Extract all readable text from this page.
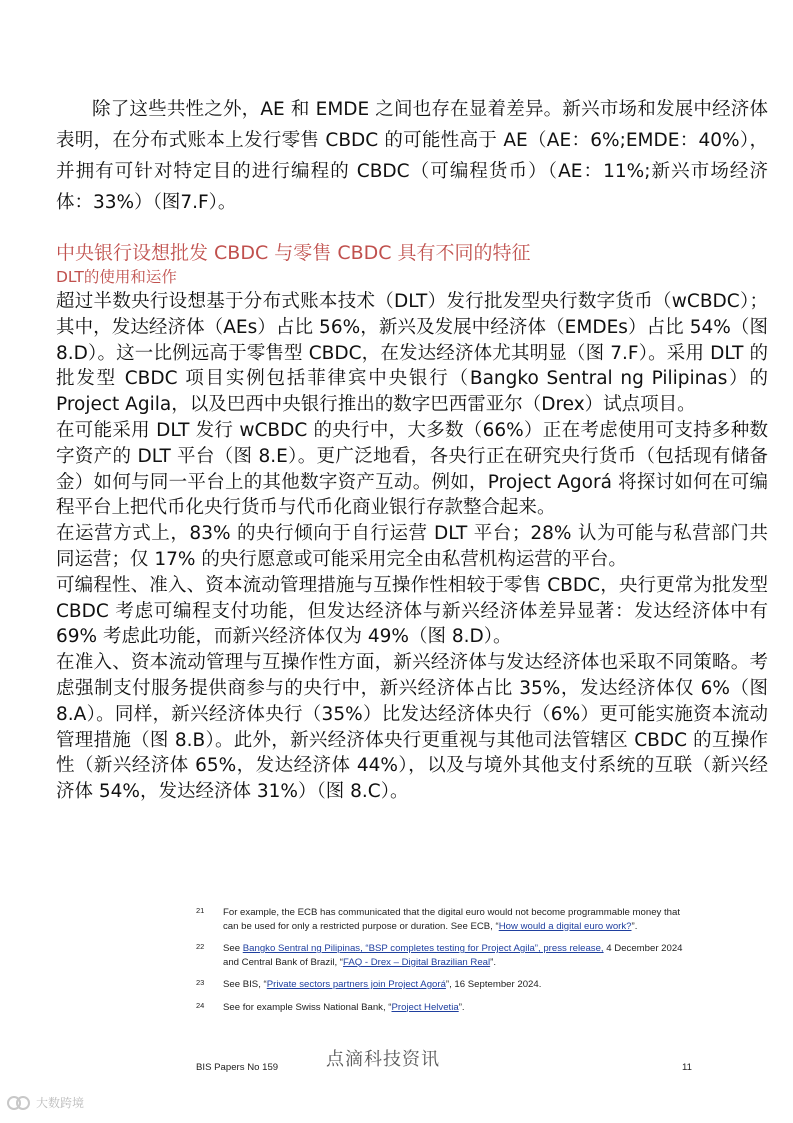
除了这些共性之外，AE 和 EMDE 之间也存在显着差异。新兴市场和发展中经济体表明，在分布式账本上发行零售 CBDC 的可能性高于 AE（AE：6%;EMDE：40%），并拥有可针对特定目的进行编程的 CBDC（可编程货币）（AE：11%;新兴市场经济体：33%）（图7.F）。
中央银行设想批发 CBDC 与零售 CBDC 具有不同的特征
DLT的使用和运作

超过半数央行设想基于分布式账本技术（DLT）发行批发型央行数字货币（wCBDC）；其中，发达经济体（AEs）占比 56%，新兴及发展中经济体（EMDEs）占比 54%（图 8.D）。这一比例远高于零售型 CBDC，在发达经济体尤其明显（图 7.F）。采用 DLT 的批发型 CBDC 项目实例包括菲律宾中央银行（Bangko Sentral ng Pilipinas）的 Project Agila，以及巴西中央银行推出的数字巴西雷亚尔（Drex）试点项目。

在可能采用 DLT 发行 wCBDC 的央行中，大多数（66%）正在考虑使用可支持多种数字资产的 DLT 平台（图 8.E）。更广泛地看，各央行正在研究央行货币（包括现有储备金）如何与同一平台上的其他数字资产互动。例如，Project Agorá 将探讨如何在可编程平台上把代币化央行货币与代币化商业银行存款整合起来。

在运营方式上，83% 的央行倾向于自行运营 DLT 平台；28% 认为可能与私营部门共同运营；仅 17% 的央行愿意或可能采用完全由私营机构运营的平台。

可编程性、准入、资本流动管理措施与互操作性相较于零售 CBDC，央行更常为批发型 CBDC 考虑可编程支付功能，但发达经济体与新兴经济体差异显著：发达经济体中有 69% 考虑此功能，而新兴经济体仅为 49%（图 8.D）。

在准入、资本流动管理与互操作性方面，新兴经济体与发达经济体也采取不同策略。考虑强制支付服务提供商参与的央行中，新兴经济体占比 35%，发达经济体仅 6%（图 8.A）。同样，新兴经济体央行（35%）比发达经济体央行（6%）更可能实施资本流动管理措施（图 8.B）。此外，新兴经济体央行更重视与其他司法管辖区 CBDC 的互操作性（新兴经济体 65%，发达经济体 44%），以及与境外其他支付系统的互联（新兴经济体 54%，发达经济体 31%）（图 8.C）。

21	For example, the ECB has communicated that the digital euro would not become programmable money that can be used for only a restricted purpose or duration. See ECB, “How would a digital euro work?”.
22	See Bangko Sentral ng Pilipinas, “BSP completes testing for Project Agila”, press release, 4 December 2024 and Central Bank of Brazil, “FAQ - Drex – Digital Brazilian Real”.
23	See BIS, “Private sectors partners join Project Agorá”, 16 September 2024.
24	See for example Swiss National Bank, “Project Helvetia”.
点滴科技资讯
BIS Papers No 159	11
大数跨境
